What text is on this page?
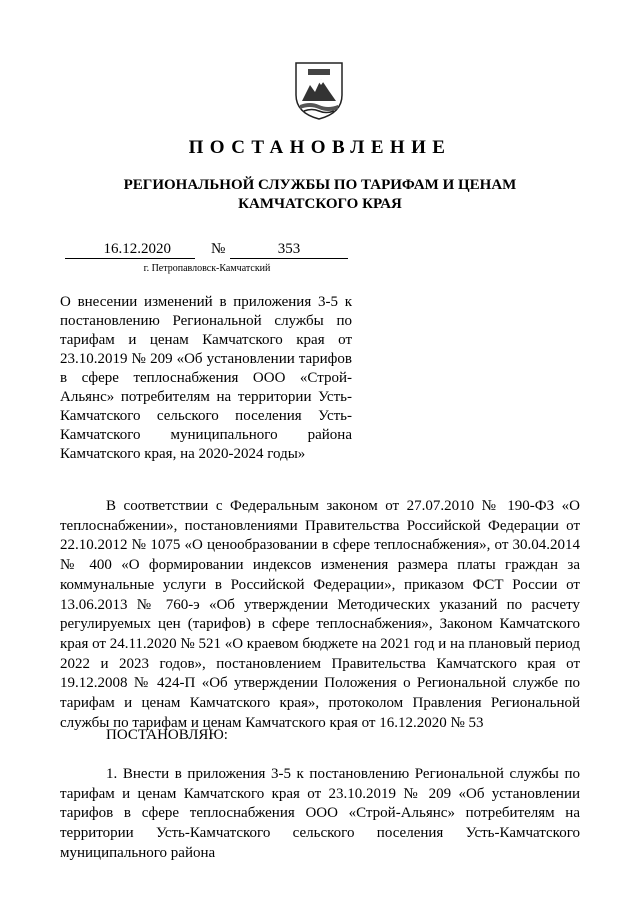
ПОСТАНОВЛЕНИЕ
РЕГИОНАЛЬНОЙ СЛУЖБЫ ПО ТАРИФАМ И ЦЕНАМ
КАМЧАТСКОГО КРАЯ
16.12.2020	№	353
г. Петропавловск-Камчатский
О внесении изменений в приложения 3-5 к постановлению Региональной службы по тарифам и ценам Камчатского края от 23.10.2019 № 209 «Об установлении тарифов в сфере теплоснабжения ООО «Строй-Альянс» потребителям на территории Усть-Камчатского сельского поселения Усть-Камчатского муниципального района Камчатского края, на 2020-2024 годы»

В соответствии с Федеральным законом от 27.07.2010 № 190-ФЗ «О теплоснабжении», постановлениями Правительства Российской Федерации от 22.10.2012 № 1075 «О ценообразовании в сфере теплоснабжения», от 30.04.2014 № 400 «О формировании индексов изменения размера платы граждан за коммунальные услуги в Российской Федерации», приказом ФСТ России от 13.06.2013 № 760-э «Об утверждении Методических указаний по расчету регулируемых цен (тарифов) в сфере теплоснабжения», Законом Камчатского края от 24.11.2020 № 521 «О краевом бюджете на 2021 год и на плановый период 2022 и 2023 годов», постановлением Правительства Камчатского края от 19.12.2008 № 424-П «Об утверждении Положения о Региональной службе по тарифам и ценам Камчатского края», протоколом Правления Региональной службы по тарифам и ценам Камчатского края от 16.12.2020 № 53

ПОСТАНОВЛЯЮ:

1. Внести в приложения 3-5 к постановлению Региональной службы по тарифам и ценам Камчатского края от 23.10.2019 № 209 «Об установлении тарифов в сфере теплоснабжения ООО «Строй-Альянс» потребителям на территории Усть-Камчатского сельского поселения Усть-Камчатского муниципального района
